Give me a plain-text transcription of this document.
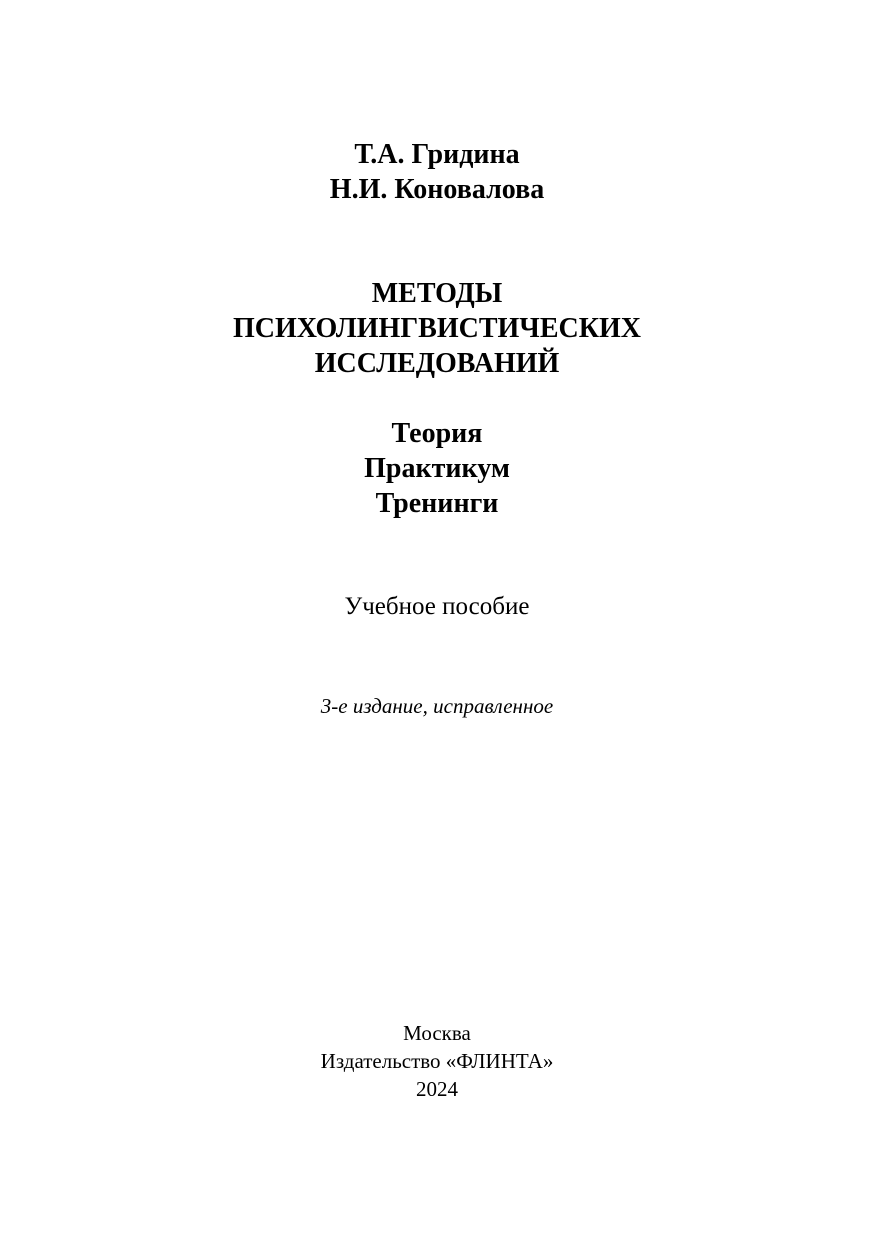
Т.А. Гридина
Н.И. Коновалова
МЕТОДЫ
ПСИХОЛИНГВИСТИЧЕСКИХ
ИССЛЕДОВАНИЙ
Теория
Практикум
Тренинги
Учебное пособие
3-е издание, исправленное
Москва
Издательство «ФЛИНТА»
2024
